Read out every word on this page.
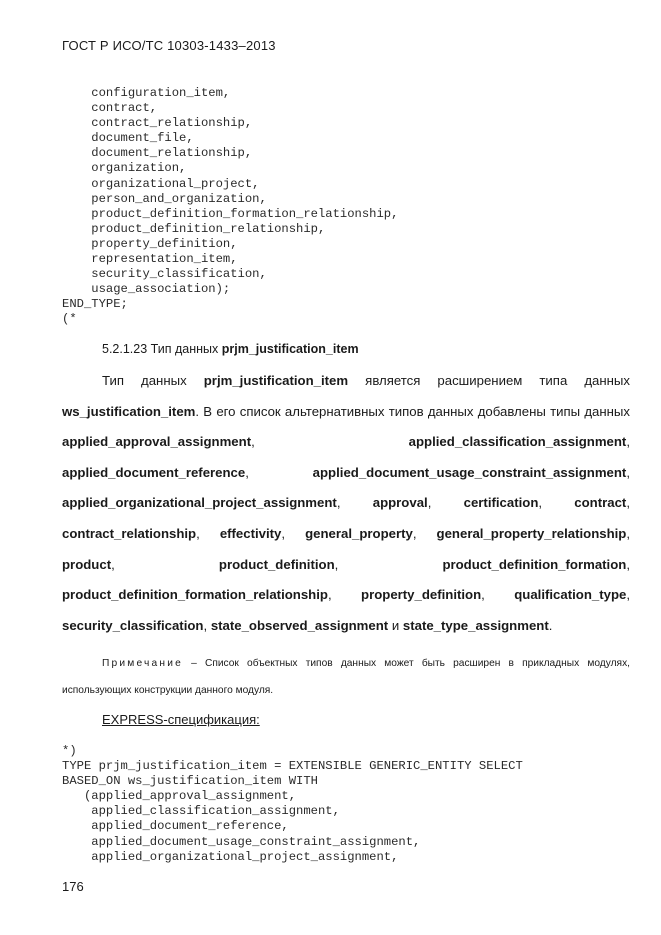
ГОСТ Р ИСО/ТС 10303-1433–2013
configuration_item,
contract,
contract_relationship,
document_file,
document_relationship,
organization,
organizational_project,
person_and_organization,
product_definition_formation_relationship,
product_definition_relationship,
property_definition,
representation_item,
security_classification,
usage_association);
END_TYPE;
(*
5.2.1.23 Тип данных prjm_justification_item

Тип данных prjm_justification_item является расширением типа данных ws_justification_item. В его список альтернативных типов данных добавлены типы данных applied_approval_assignment, applied_classification_assignment, applied_document_reference, applied_document_usage_constraint_assignment, applied_organizational_project_assignment, approval, certification, contract, contract_relationship, effectivity, general_property, general_property_relationship, product, product_definition, product_definition_formation, product_definition_formation_relationship, property_definition, qualification_type, security_classification, state_observed_assignment и state_type_assignment.

Примечание – Список объектных типов данных может быть расширен в прикладных модулях, использующих конструкции данного модуля.

EXPRESS-спецификация:
*)
TYPE prjm_justification_item = EXTENSIBLE GENERIC_ENTITY SELECT
BASED_ON ws_justification_item WITH
(applied_approval_assignment,
applied_classification_assignment,
applied_document_reference,
applied_document_usage_constraint_assignment,
applied_organizational_project_assignment,
176
